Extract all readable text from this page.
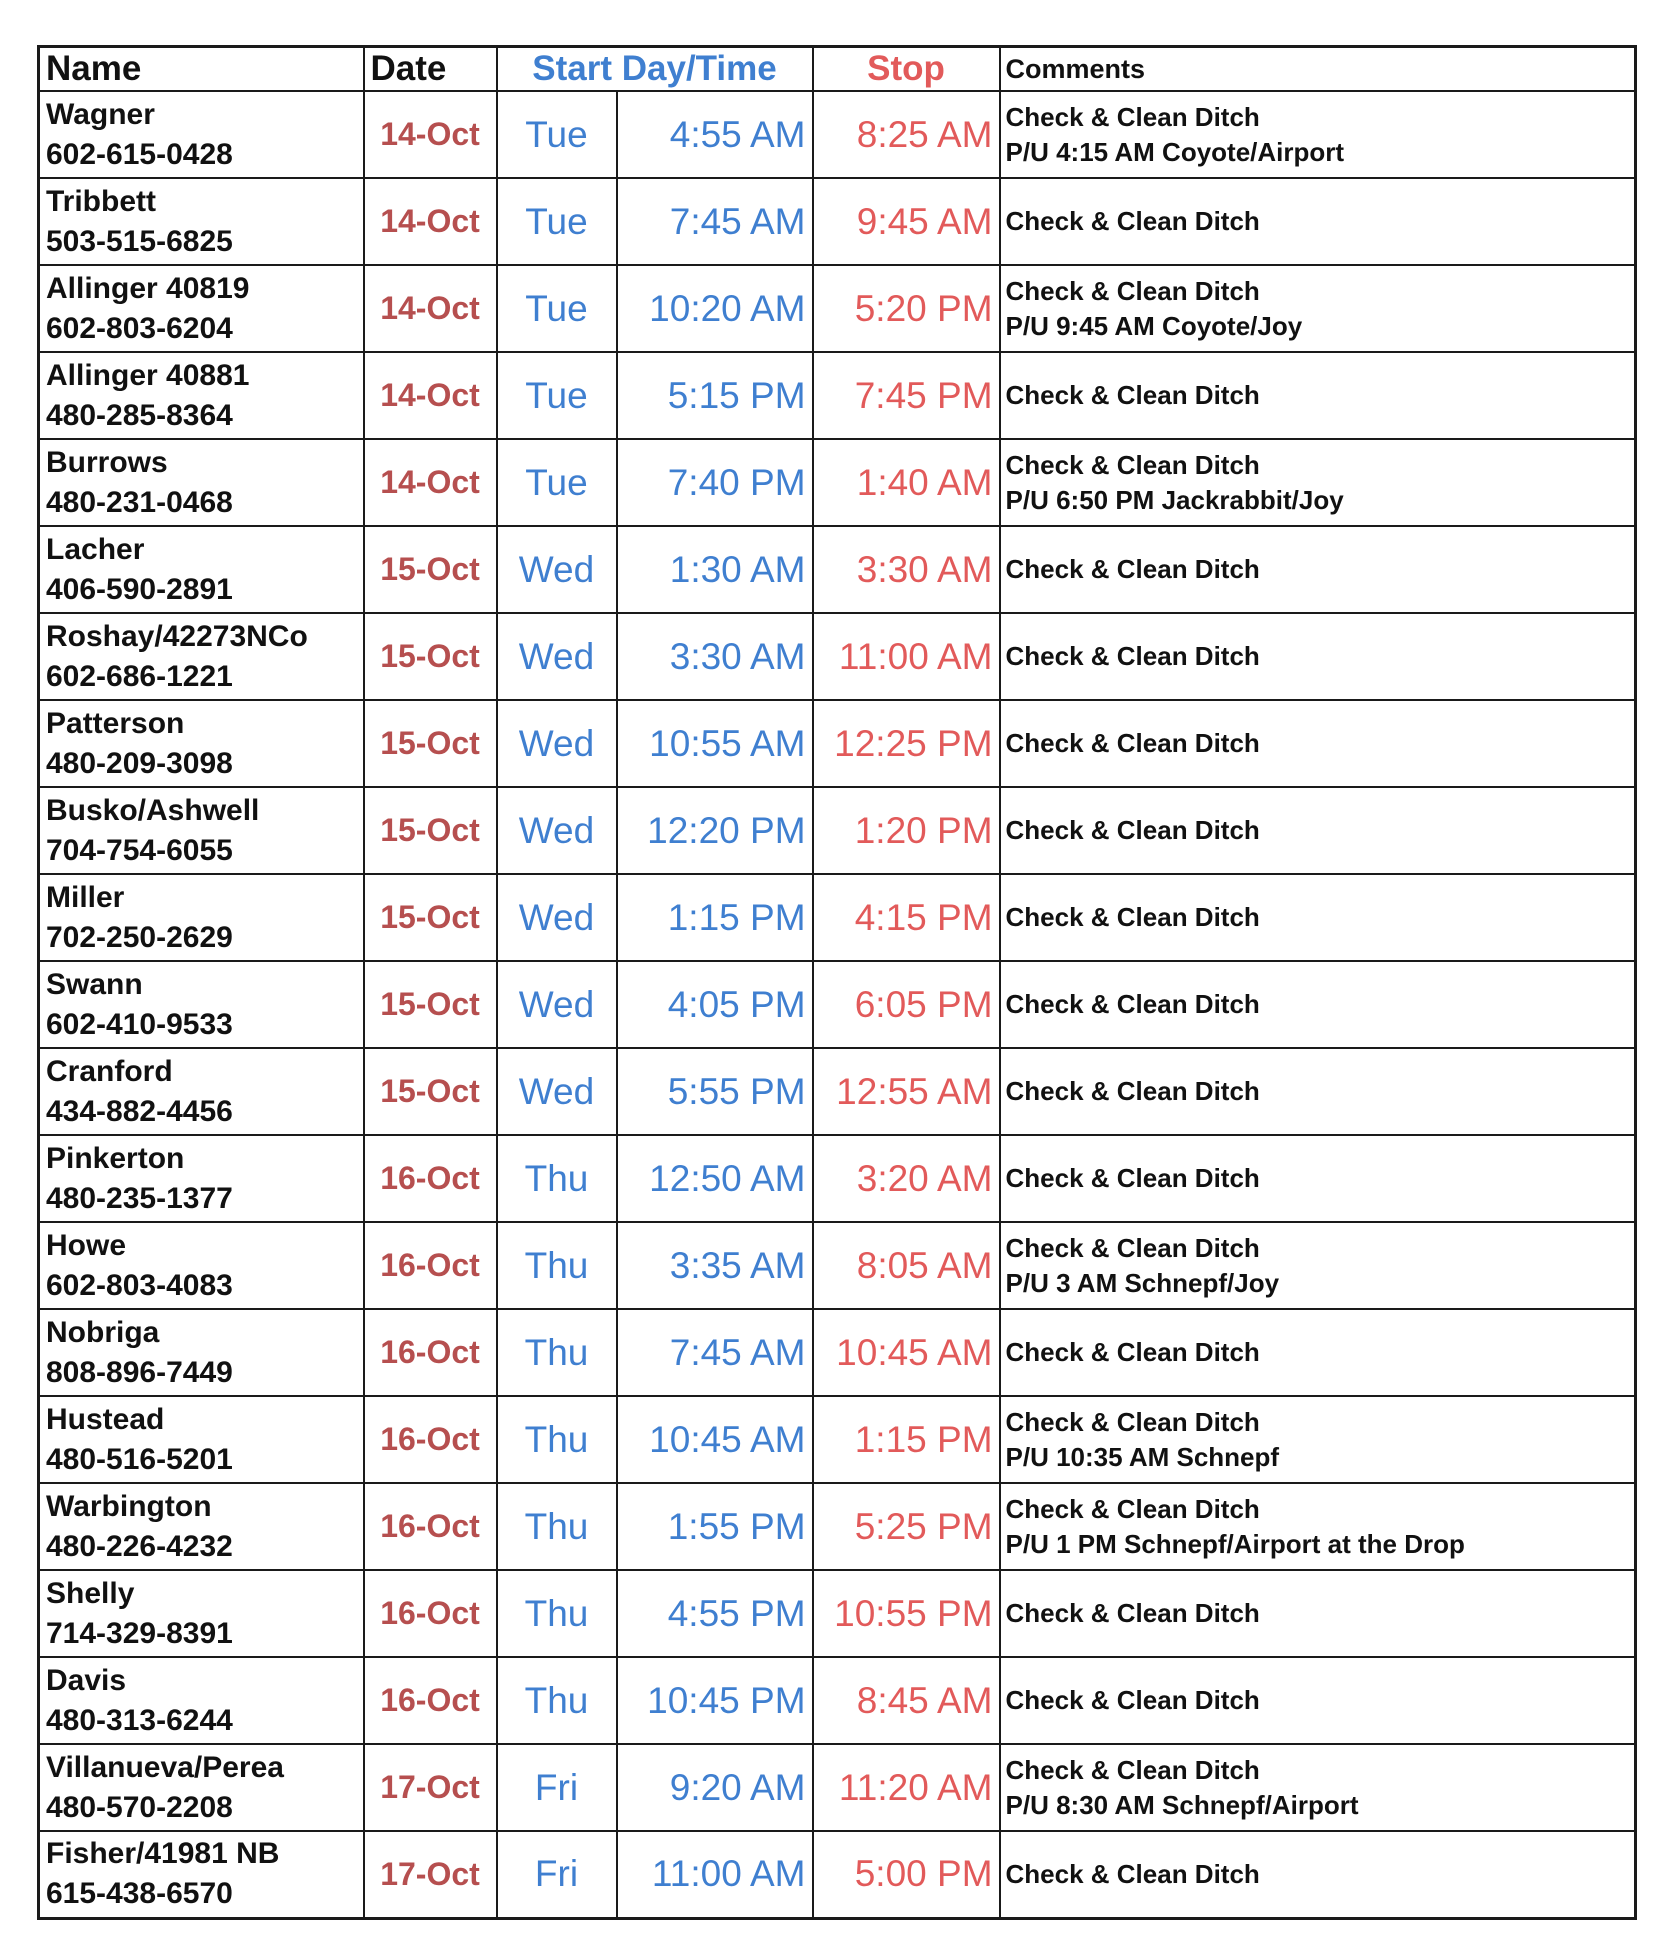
Name	Date	Start Day/Time		Stop	Comments

Wagner
602-615-0428	14-Oct	Tue	4:55 AM	8:25 AM	Check & Clean Ditch
P/U 4:15 AM Coyote/Airport

Tribbett
503-515-6825	14-Oct	Tue	7:45 AM	9:45 AM	Check & Clean Ditch

Allinger 40819
602-803-6204	14-Oct	Tue	10:20 AM	5:20 PM	Check & Clean Ditch
P/U 9:45 AM Coyote/Joy

Allinger 40881
480-285-8364	14-Oct	Tue	5:15 PM	7:45 PM	Check & Clean Ditch

Burrows
480-231-0468	14-Oct	Tue	7:40 PM	1:40 AM	Check & Clean Ditch
P/U 6:50 PM Jackrabbit/Joy

Lacher
406-590-2891	15-Oct	Wed	1:30 AM	3:30 AM	Check & Clean Ditch

Roshay/42273NCo
602-686-1221	15-Oct	Wed	3:30 AM	11:00 AM	Check & Clean Ditch

Patterson
480-209-3098	15-Oct	Wed	10:55 AM	12:25 PM	Check & Clean Ditch

Busko/Ashwell
704-754-6055	15-Oct	Wed	12:20 PM	1:20 PM	Check & Clean Ditch

Miller
702-250-2629	15-Oct	Wed	1:15 PM	4:15 PM	Check & Clean Ditch

Swann
602-410-9533	15-Oct	Wed	4:05 PM	6:05 PM	Check & Clean Ditch

Cranford
434-882-4456	15-Oct	Wed	5:55 PM	12:55 AM	Check & Clean Ditch

Pinkerton
480-235-1377	16-Oct	Thu	12:50 AM	3:20 AM	Check & Clean Ditch

Howe
602-803-4083	16-Oct	Thu	3:35 AM	8:05 AM	Check & Clean Ditch
P/U 3 AM Schnepf/Joy

Nobriga
808-896-7449	16-Oct	Thu	7:45 AM	10:45 AM	Check & Clean Ditch

Hustead
480-516-5201	16-Oct	Thu	10:45 AM	1:15 PM	Check & Clean Ditch
P/U 10:35 AM Schnepf

Warbington
480-226-4232	16-Oct	Thu	1:55 PM	5:25 PM	Check & Clean Ditch
P/U 1 PM Schnepf/Airport at the Drop

Shelly
714-329-8391	16-Oct	Thu	4:55 PM	10:55 PM	Check & Clean Ditch

Davis
480-313-6244	16-Oct	Thu	10:45 PM	8:45 AM	Check & Clean Ditch

Villanueva/Perea
480-570-2208	17-Oct	Fri	9:20 AM	11:20 AM	Check & Clean Ditch
P/U 8:30 AM Schnepf/Airport

Fisher/41981 NB
615-438-6570	17-Oct	Fri	11:00 AM	5:00 PM	Check & Clean Ditch
